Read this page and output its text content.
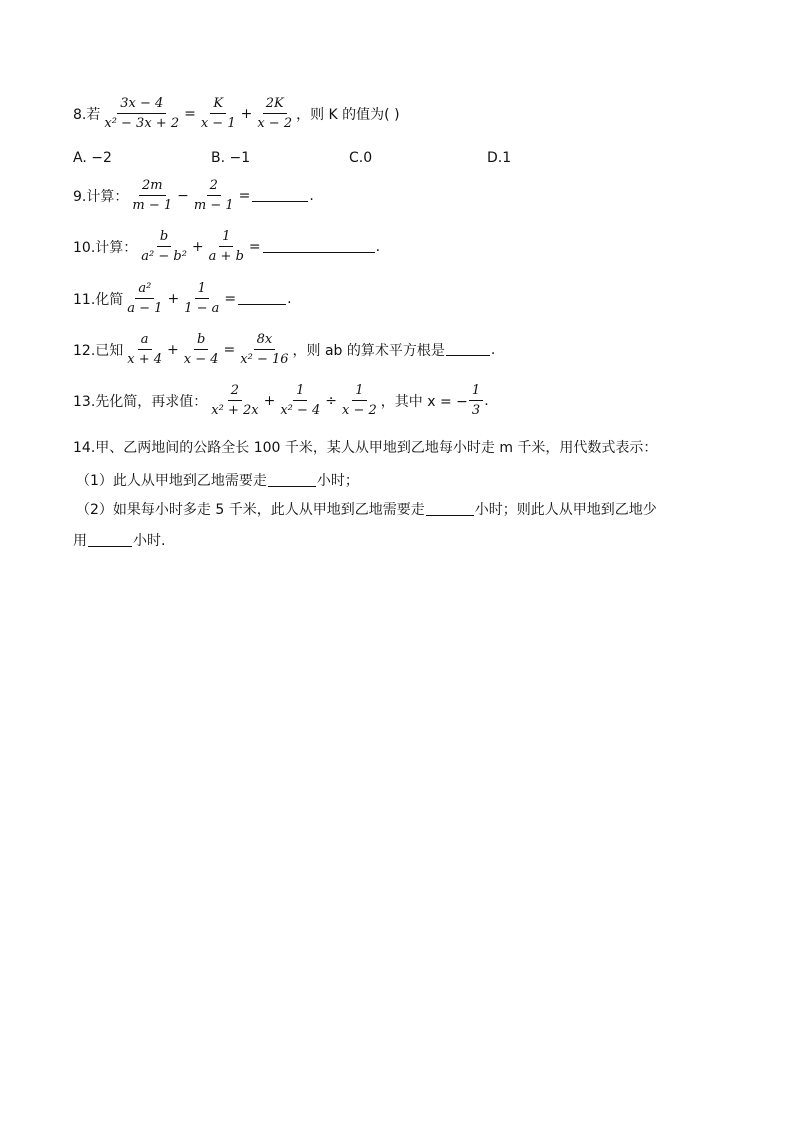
8.若 $\frac{3x - 4}{\text{x² − 3x + 2}} = \frac{K}{x - 1} + \frac{2K}{x - 2}$ ，则 K 的值为( )
A. −2	B. −1	C.0	D.1
9.计算： $\frac{2m}{m - 1} - \frac{2}{m - 1}$ =	.
10.计算： $\frac{b}{\text{a² − b²}} + \frac{1}{a + b}$ =	.
11.化简 $\frac{\text{a²}}{a - 1} + \frac{1}{1 - a}$ =	.
12.已知 $\frac{a}{x + 4} + \frac{b}{x - 4} = \frac{8x}{\text{x² − 16}}$ ，则 ab 的算术平方根是	.
13.先化简，再求值： $\frac{2}{\text{x² + 2x}} + \frac{1}{\text{x² − 4}} \div \frac{1}{x - 2}$ ，其中 x = − $\frac{1}{3}$ .
14.甲、乙两地间的公路全长 100 千米，某人从甲地到乙地每小时走 m 千米，用代数式表示：
（1）此人从甲地到乙地需要走	小时；
（2）如果每小时多走 5 千米，此人从甲地到乙地需要走	小时；则此人从甲地到乙地少
用	小时.
